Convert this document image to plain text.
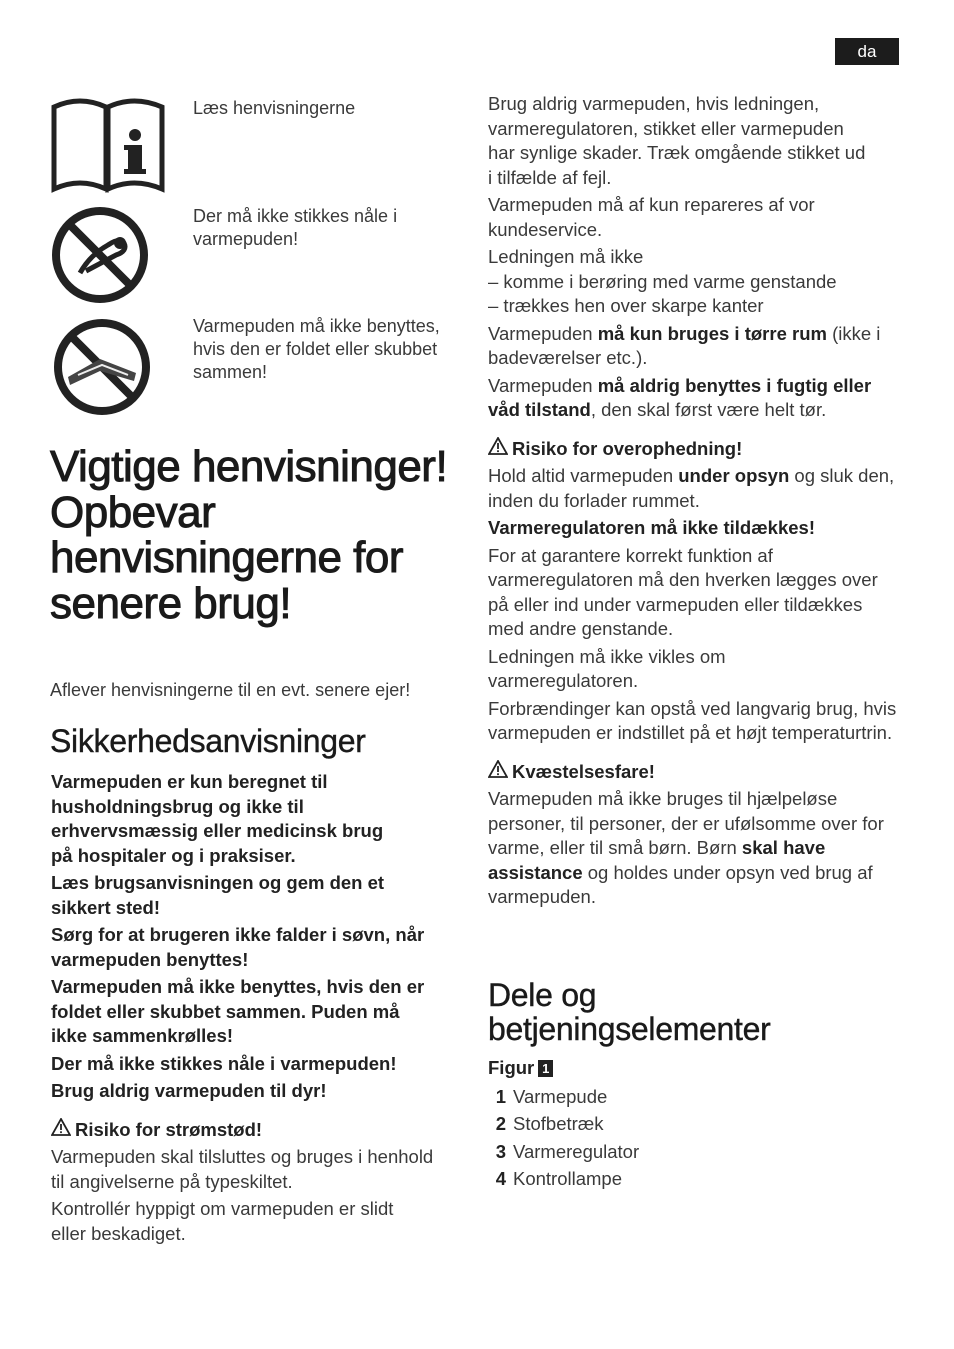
da
Læs henvisningerne
Der må ikke stikkes nåle i varmepuden!
Varmepuden må ikke benyttes, hvis den er foldet eller skubbet sammen!
Vigtige henvisninger! Opbevar henvisningerne for senere brug!

Aflever henvisningerne til en evt. senere ejer!

Sikkerhedsanvisninger

Varmepuden er kun beregnet til husholdningsbrug og ikke til erhvervsmæssig eller medicinsk brug på hospitaler og i praksiser.

Læs brugsanvisningen og gem den et sikkert sted!

Sørg for at brugeren ikke falder i søvn, når varmepuden benyttes!

Varmepuden må ikke benyttes, hvis den er foldet eller skubbet sammen. Puden må ikke sammenkrølles!

Der må ikke stikkes nåle i varmepuden!

Brug aldrig varmepuden til dyr!

Risiko for strømstød!

Varmepuden skal tilsluttes og bruges i henhold til angivelserne på typeskiltet.

Kontrollér hyppigt om varmepuden er slidt eller beskadiget.

Brug aldrig varmepuden, hvis ledningen, varmeregulatoren, stikket eller varmepuden har synlige skader. Træk omgående stikket ud i tilfælde af fejl.

Varmepuden må af kun repareres af vor kundeservice.

Ledningen må ikke

– komme i berøring med varme genstande

– trækkes hen over skarpe kanter

Varmepuden må kun bruges i tørre rum (ikke i badeværelser etc.).

Varmepuden må aldrig benyttes i fugtig eller våd tilstand, den skal først være helt tør.

Risiko for overophedning!

Hold altid varmepuden under opsyn og sluk den, inden du forlader rummet.

Varmeregulatoren må ikke tildækkes!

For at garantere korrekt funktion af varmeregulatoren må den hverken lægges over på eller ind under varmepuden eller tildækkes med andre genstande.

Ledningen må ikke vikles om varmeregulatoren.

Forbrændinger kan opstå ved langvarig brug, hvis varmepuden er indstillet på et højt temperaturtrin.

Kvæstelsesfare!

Varmepuden må ikke bruges til hjælpeløse personer, til personer, der er ufølsomme over for varme, eller til små børn. Børn skal have assistance og holdes under opsyn ved brug af varmepuden.

Dele og betjeningselementer

Figur 1

1 Varmepude
2 Stofbetræk
3 Varmeregulator
4 Kontrollampe
